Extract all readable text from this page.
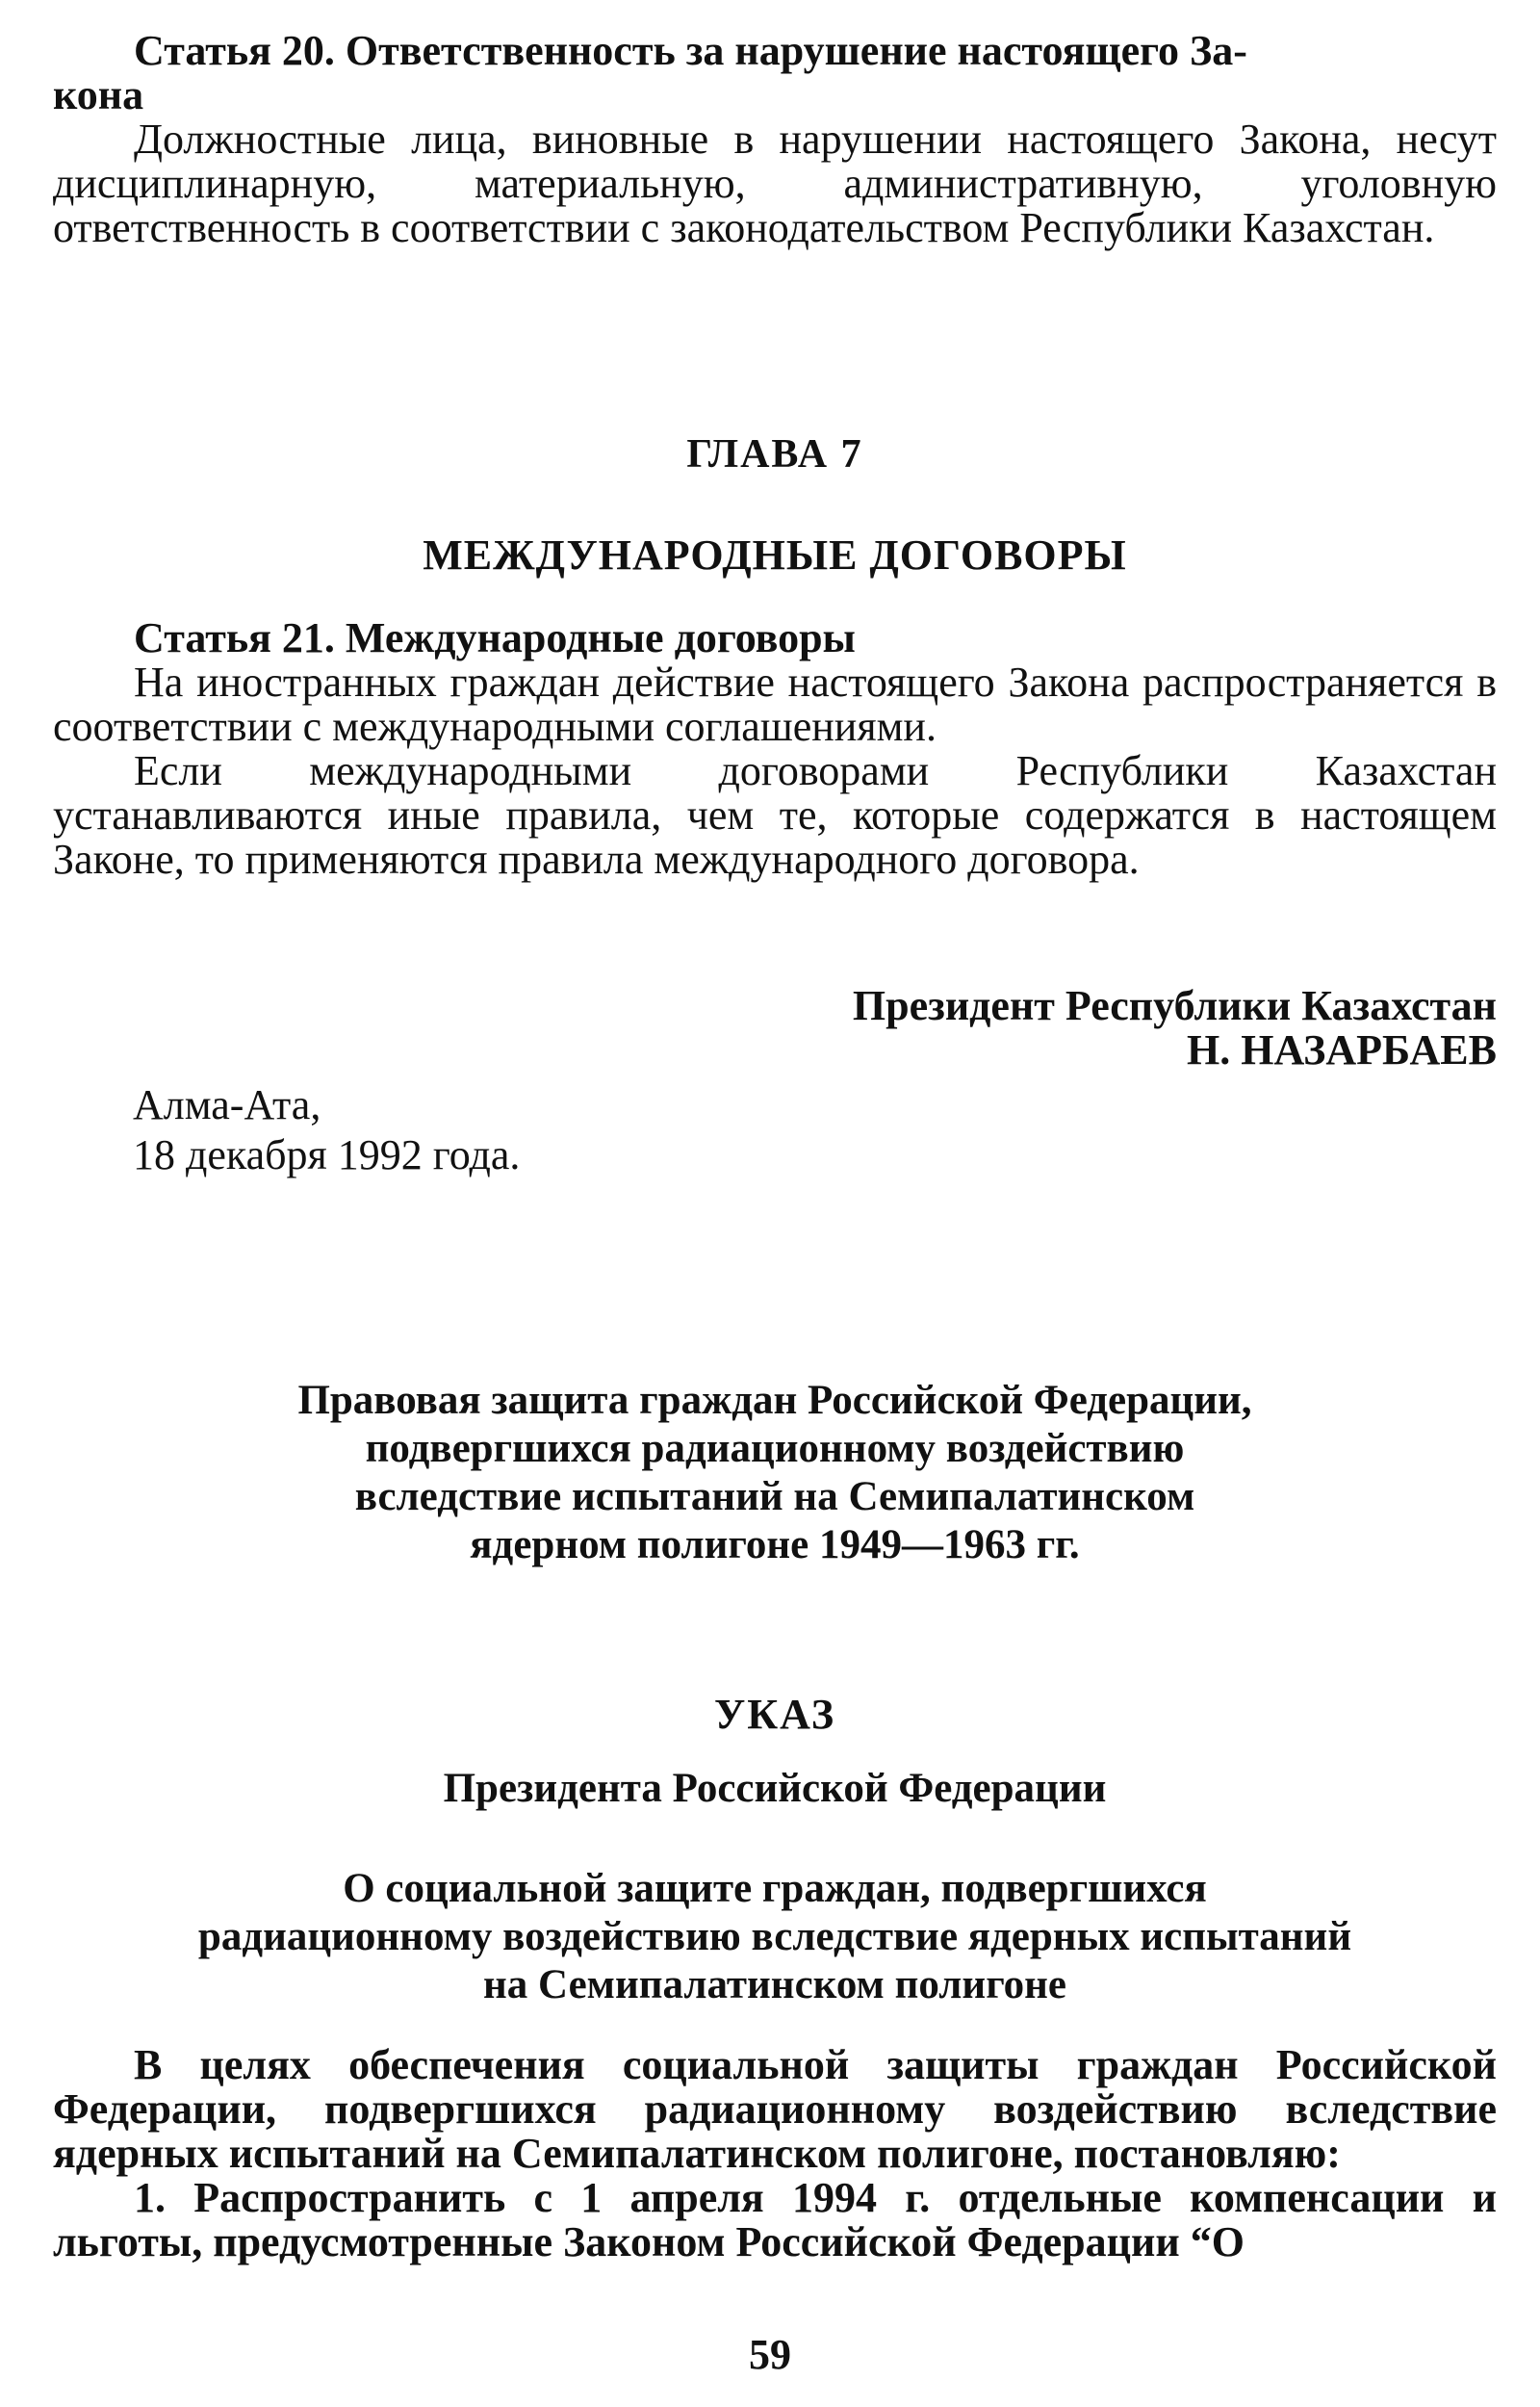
Статья 20. Ответственность за нарушение настоящего За-

кона

Должностные лица, виновные в нарушении настоящего Закона, несут дисциплинарную, материальную, административную, уголовную ответственность в соответствии с законодательством Республики Казахстан.

ГЛАВА 7
МЕЖДУНАРОДНЫЕ ДОГОВОРЫ

Статья 21. Международные договоры

На иностранных граждан действие настоящего Закона распространяется в соответствии с международными соглашениями.

Если международными договорами Республики Казахстан устанавливаются иные правила, чем те, которые содержатся в настоящем Законе, то применяются правила международного договора.

Президент Республики Казахстан
Н. НАЗАРБАЕВ
Алма-Ата,
18 декабря 1992 года.

Правовая защита граждан Российской Федерации,

подвергшихся радиационному воздействию

вследствие испытаний на Семипалатинском

ядерном полигоне 1949—1963 гг.

УКАЗ
Президента Российской Федерации

О социальной защите граждан, подвергшихся

радиационному воздействию вследствие ядерных испытаний

на Семипалатинском полигоне

В целях обеспечения социальной защиты граждан Российской Федерации, подвергшихся радиационному воздействию вследствие ядерных испытаний на Семипалатинском полигоне, постановляю:

1. Распространить с 1 апреля 1994 г. отдельные компенсации и льготы, предусмотренные Законом Российской Федерации “О

59
